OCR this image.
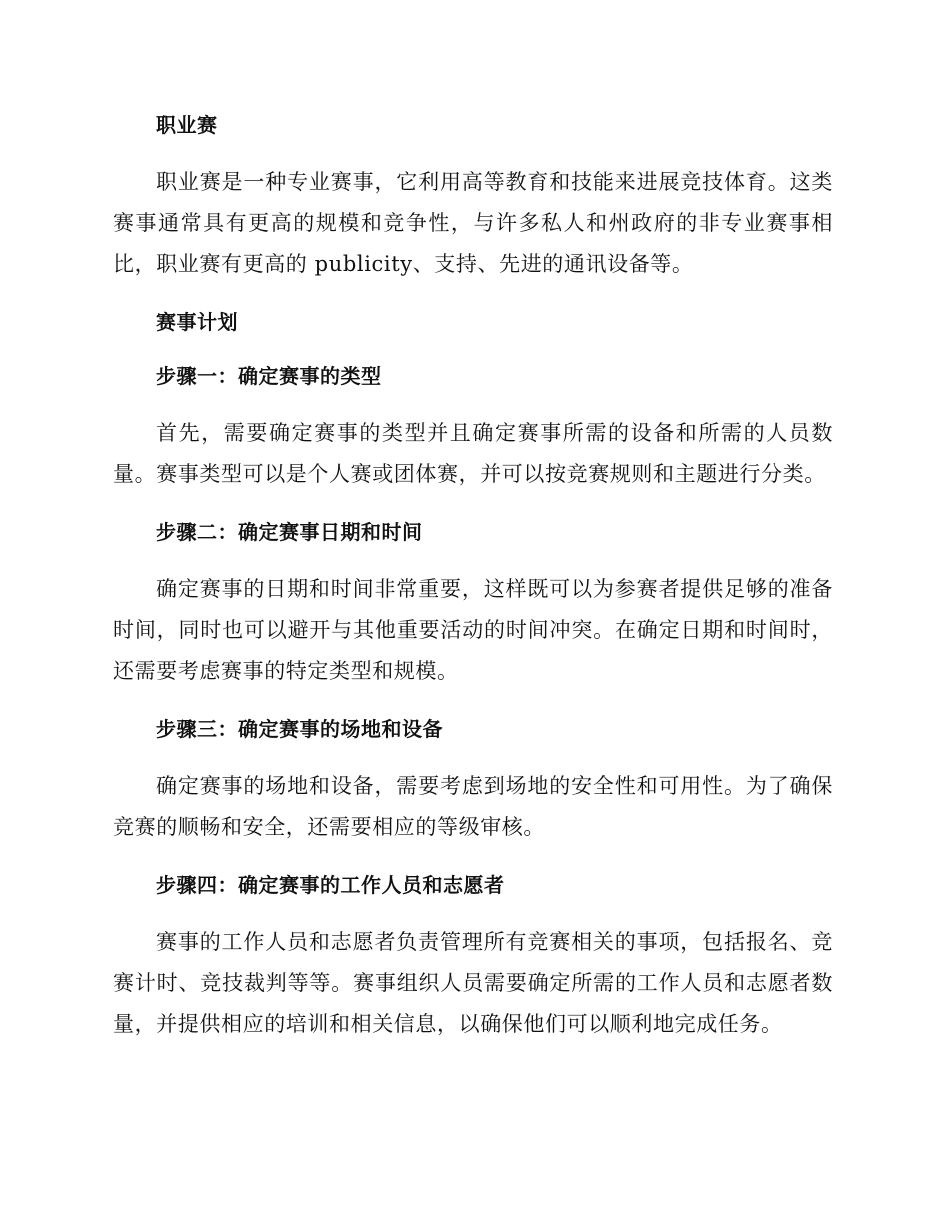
职业赛
职业赛是一种专业赛事，它利用高等教育和技能来进展竞技体育。这类赛事通常具有更高的规模和竞争性，与许多私人和州政府的非专业赛事相比，职业赛有更高的 publicity、支持、先进的通讯设备等。
赛事计划
步骤一：确定赛事的类型
首先，需要确定赛事的类型并且确定赛事所需的设备和所需的人员数量。赛事类型可以是个人赛或团体赛，并可以按竞赛规则和主题进行分类。
步骤二：确定赛事日期和时间
确定赛事的日期和时间非常重要，这样既可以为参赛者提供足够的准备时间，同时也可以避开与其他重要活动的时间冲突。在确定日期和时间时，还需要考虑赛事的特定类型和规模。
步骤三：确定赛事的场地和设备
确定赛事的场地和设备，需要考虑到场地的安全性和可用性。为了确保竞赛的顺畅和安全，还需要相应的等级审核。
步骤四：确定赛事的工作人员和志愿者
赛事的工作人员和志愿者负责管理所有竞赛相关的事项，包括报名、竞赛计时、竞技裁判等等。赛事组织人员需要确定所需的工作人员和志愿者数量，并提供相应的培训和相关信息，以确保他们可以顺利地完成任务。
